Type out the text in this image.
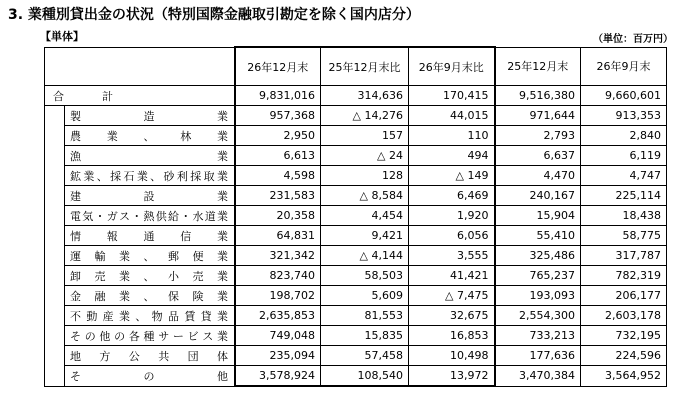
3. 業種別貸出金の状況（特別国際金融取引勘定を除く国内店分）
【単体】	（単位：百万円）
		26年12月末	25年12月末比	26年9月末比	25年12月末	26年9月末
合　　計		9,831,016	314,636	170,415	9,516,380	9,660,601
	製造業	957,368	△ 14,276	44,015	971,644	913,353
	農業、林業	2,950	157	110	2,793	2,840
	漁業	6,613	△ 24	494	6,637	6,119
	鉱業、採石業、砂利採取業	4,598	128	△ 149	4,470	4,747
	建設業	231,583	△ 8,584	6,469	240,167	225,114
	電気・ガス・熱供給・水道業	20,358	4,454	1,920	15,904	18,438
	情報通信業	64,831	9,421	6,056	55,410	58,775
	運輸業、郵便業	321,342	△ 4,144	3,555	325,486	317,787
	卸売業、小売業	823,740	58,503	41,421	765,237	782,319
	金融業、保険業	198,702	5,609	△ 7,475	193,093	206,177
	不動産業、物品賃貸業	2,635,853	81,553	32,675	2,554,300	2,603,178
	その他の各種サービス業	749,048	15,835	16,853	733,213	732,195
	地方公共団体	235,094	57,458	10,498	177,636	224,596
	その他	3,578,924	108,540	13,972	3,470,384	3,564,952
